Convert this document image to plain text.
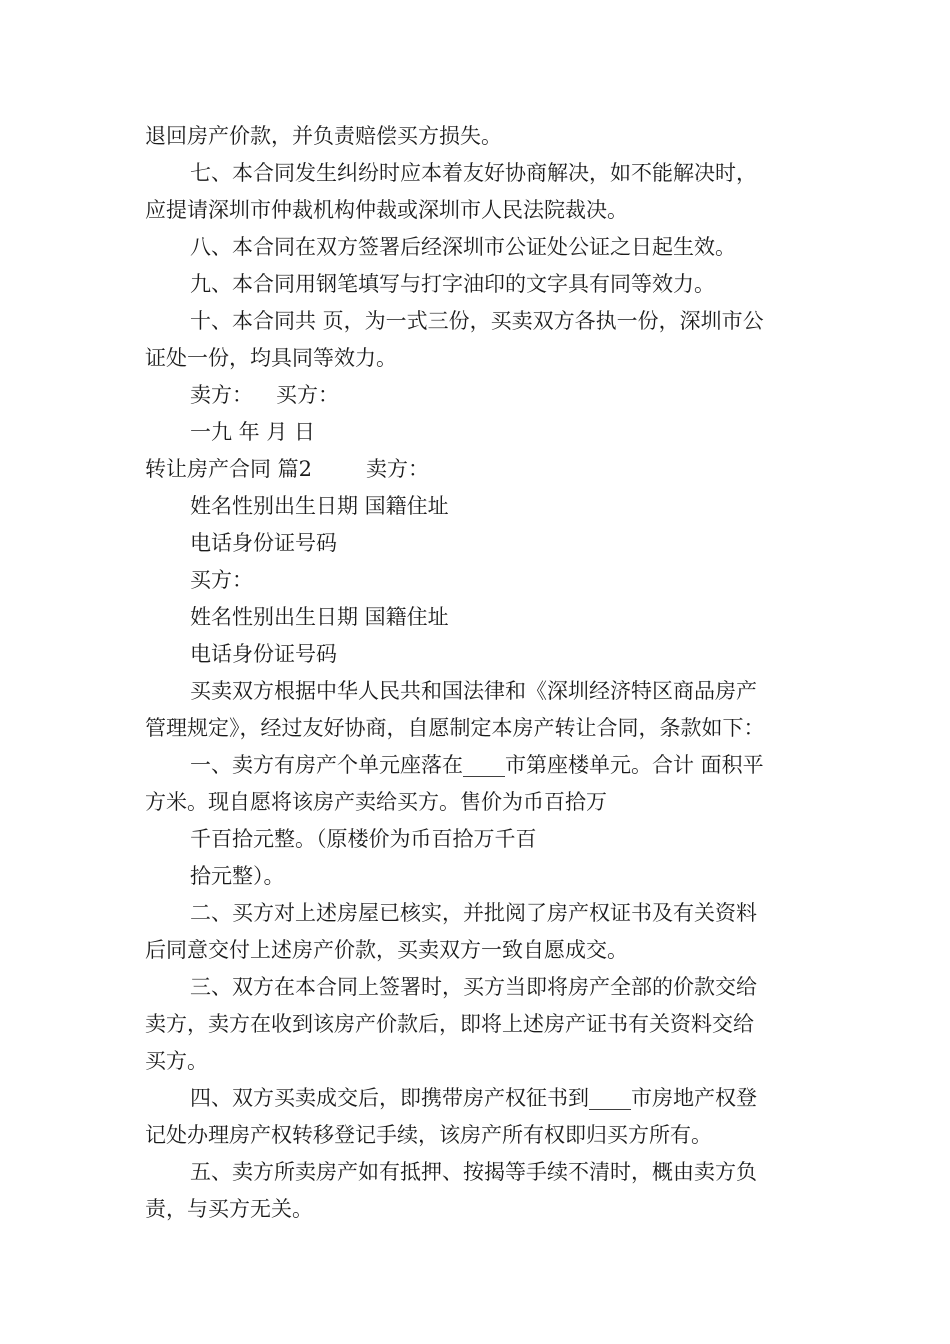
退回房产价款，并负责赔偿买方损失。
七、本合同发生纠纷时应本着友好协商解决，如不能解决时，
应提请深圳市仲裁机构仲裁或深圳市人民法院裁决。
八、本合同在双方签署后经深圳市公证处公证之日起生效。
九、本合同用钢笔填写与打字油印的文字具有同等效力。
十、本合同共 页，为一式三份，买卖双方各执一份，深圳市公
证处一份，均具同等效力。
卖方： 买方：
一九 年 月 日
转让房产合同 篇2	卖方：
姓名性别出生日期 国籍住址
电话身份证号码
买方：
姓名性别出生日期 国籍住址
电话身份证号码
买卖双方根据中华人民共和国法律和《深圳经济特区商品房产
管理规定》，经过友好协商，自愿制定本房产转让合同，条款如下：
一、卖方有房产个单元座落在____市第座楼单元。合计 面积平
方米。现自愿将该房产卖给买方。售价为币百拾万
千百拾元整。（原楼价为币百拾万千百
拾元整）。
二、买方对上述房屋已核实，并批阅了房产权证书及有关资料
后同意交付上述房产价款，买卖双方一致自愿成交。
三、双方在本合同上签署时，买方当即将房产全部的价款交给
卖方，卖方在收到该房产价款后，即将上述房产证书有关资料交给
买方。
四、双方买卖成交后，即携带房产权征书到____市房地产权登
记处办理房产权转移登记手续，该房产所有权即归买方所有。
五、卖方所卖房产如有抵押、按揭等手续不清时，概由卖方负
责，与买方无关。
